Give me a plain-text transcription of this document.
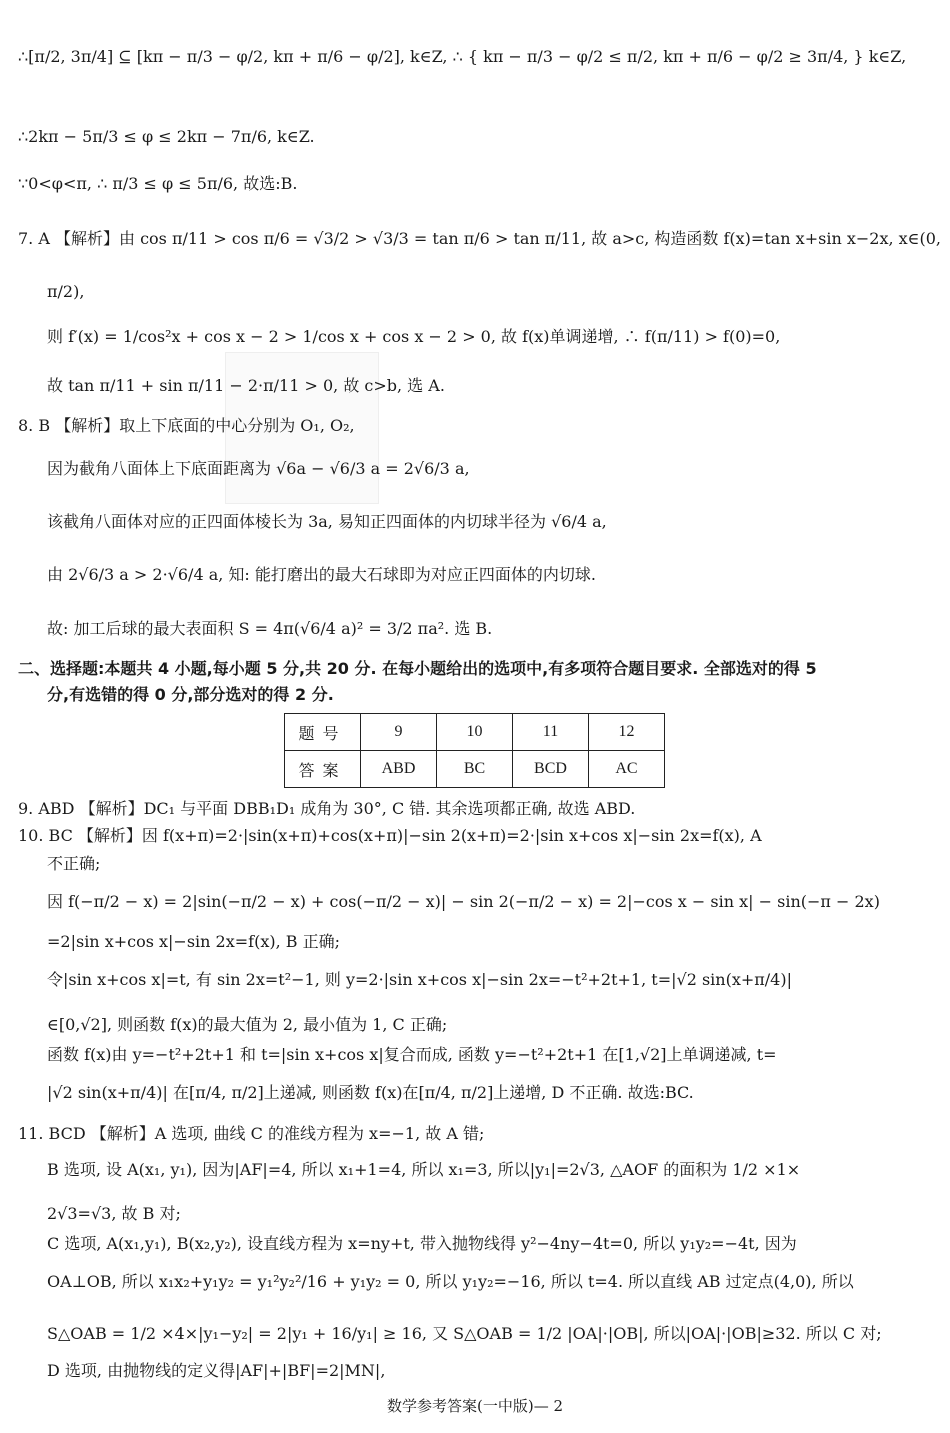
∴[π/2, 3π/4] ⊆ [kπ − π/3 − φ/2, kπ + π/6 − φ/2], k∈Z, ∴ { kπ − π/3 − φ/2 ≤ π/2, kπ + π/6 − φ/2 ≥ 3π/4, } k∈Z,
∴2kπ − 5π/3 ≤ φ ≤ 2kπ − 7π/6, k∈Z.
∵0<φ<π, ∴ π/3 ≤ φ ≤ 5π/6, 故选:B.
7. A 【解析】由 cos π/11 > cos π/6 = √3/2 > √3/3 = tan π/6 > tan π/11, 故 a>c, 构造函数 f(x)=tan x+sin x−2x, x∈(0,
π/2),
则 f′(x) = 1/cos²x + cos x − 2 > 1/cos x + cos x − 2 > 0, 故 f(x)单调递增, ∴ f(π/11) > f(0)=0,
故 tan π/11 + sin π/11 − 2·π/11 > 0, 故 c>b, 选 A.
8. B 【解析】取上下底面的中心分别为 O₁, O₂,
因为截角八面体上下底面距离为 √6a − √6/3 a = 2√6/3 a,
该截角八面体对应的正四面体棱长为 3a, 易知正四面体的内切球半径为 √6/4 a,
由 2√6/3 a > 2·√6/4 a, 知: 能打磨出的最大石球即为对应正四面体的内切球.
故: 加工后球的最大表面积 S = 4π(√6/4 a)² = 3/2 πa². 选 B.
二、选择题:本题共 4 小题,每小题 5 分,共 20 分. 在每小题给出的选项中,有多项符合题目要求. 全部选对的得 5
分,有选错的得 0 分,部分选对的得 2 分.
题号	9	10	11	12
答案	ABD	BC	BCD	AC
9. ABD 【解析】DC₁ 与平面 DBB₁D₁ 成角为 30°, C 错. 其余选项都正确, 故选 ABD.
10. BC 【解析】因 f(x+π)=2·|sin(x+π)+cos(x+π)|−sin 2(x+π)=2·|sin x+cos x|−sin 2x=f(x), A
不正确;
因 f(−π/2 − x) = 2|sin(−π/2 − x) + cos(−π/2 − x)| − sin 2(−π/2 − x) = 2|−cos x − sin x| − sin(−π − 2x)
=2|sin x+cos x|−sin 2x=f(x), B 正确;
令|sin x+cos x|=t, 有 sin 2x=t²−1, 则 y=2·|sin x+cos x|−sin 2x=−t²+2t+1, t=|√2 sin(x+π/4)|
∈[0,√2], 则函数 f(x)的最大值为 2, 最小值为 1, C 正确;
函数 f(x)由 y=−t²+2t+1 和 t=|sin x+cos x|复合而成, 函数 y=−t²+2t+1 在[1,√2]上单调递减, t=
|√2 sin(x+π/4)| 在[π/4, π/2]上递减, 则函数 f(x)在[π/4, π/2]上递增, D 不正确. 故选:BC.
11. BCD 【解析】A 选项, 曲线 C 的准线方程为 x=−1, 故 A 错;
B 选项, 设 A(x₁, y₁), 因为|AF|=4, 所以 x₁+1=4, 所以 x₁=3, 所以|y₁|=2√3, △AOF 的面积为 1/2 ×1×
2√3=√3, 故 B 对;
C 选项, A(x₁,y₁), B(x₂,y₂), 设直线方程为 x=ny+t, 带入抛物线得 y²−4ny−4t=0, 所以 y₁y₂=−4t, 因为
OA⊥OB, 所以 x₁x₂+y₁y₂ = y₁²y₂²/16 + y₁y₂ = 0, 所以 y₁y₂=−16, 所以 t=4. 所以直线 AB 过定点(4,0), 所以
S△OAB = 1/2 ×4×|y₁−y₂| = 2|y₁ + 16/y₁| ≥ 16, 又 S△OAB = 1/2 |OA|·|OB|, 所以|OA|·|OB|≥32. 所以 C 对;
D 选项, 由抛物线的定义得|AF|+|BF|=2|MN|,
数学参考答案(一中版)— 2
